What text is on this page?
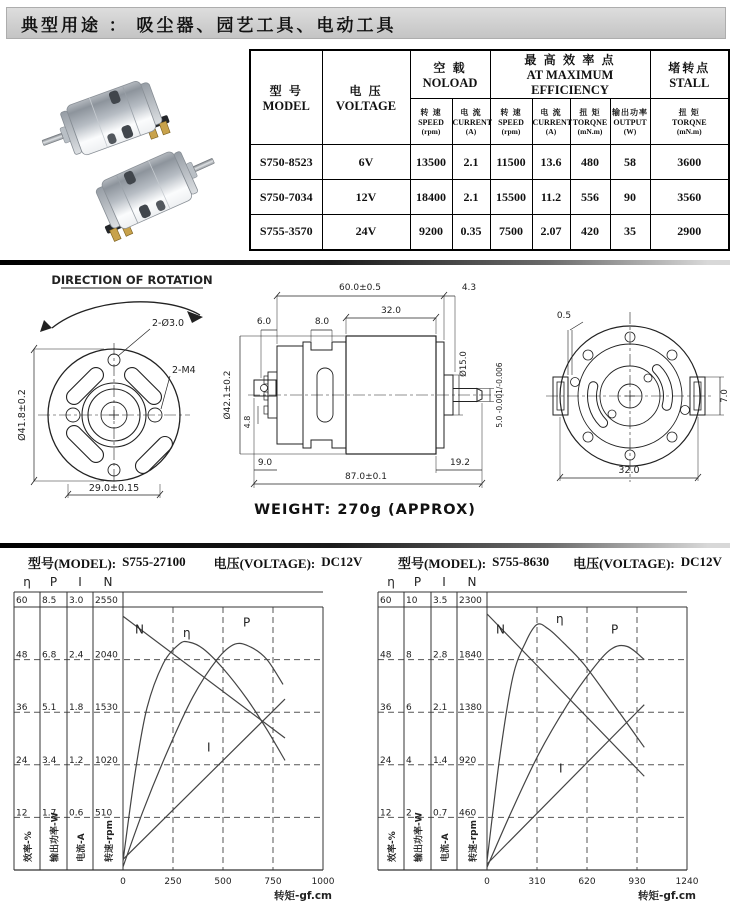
典型用途 ： 吸尘器、园艺工具、电动工具
型 号
MODEL

电 压
VOLTAGE

空 载
NOLOAD

最 高 效 率 点
AT MAXIMUM EFFICIENCY

堵转点
STALL

转 速
SPEED
(rpm)

电 流
CURRENT
(A)

转 速
SPEED
(rpm)

电 流
CURRENT
(A)

扭 矩
TORQNE
(mN.m)

输出功率
OUTPUT
(W)

扭 矩
TORQNE
(mN.m)

S750-8523	6V	13500	2.1	11500	13.6	480	58	3600
S750-7034	12V	18400	2.1	15500	11.2	556	90	3560
S755-3570	24V	9200	0.35	7500	2.07	420	35	2900
DIRECTION OF ROTATION
Ø41.8±0.2
29.0±0.15
2-Ø3.0
2-M4
6.0	8.0
32.0
60.0±0.5	4.3
Ø15.0	5.0 -0.001/-0.006
19.2
9.0
87.0±0.1
Ø42.1±0.2
4.8
0.5
7.0
32.0
WEIGHT: 270g (APPROX)
型号(MODEL): S755-27100 电压(VOLTAGE): DC12V
η
60
48
36
24
12
效率-%
P
8.5
6.8
5.1
3.4
1.7
输出功率-W
I
3.0
2.4
1.8
1.2
0.6
电流-A
N
2550
2040
1530
1020
510
转速-rpm
0	250	500	750	1000
转矩-gf.cm
N	η
P
I
型号(MODEL): S755-8630 电压(VOLTAGE): DC12V
η
60
48
36
24
12
效率-%
P
10
8
6
4
2 输出功率-W
I
3.5
2.8
2.1
1.4
0.7
电流-A
N
2300
1840
1380
920
460
转速-rpm
0	310	620	930	1240
转矩-gf.cm
N
η
P
I
